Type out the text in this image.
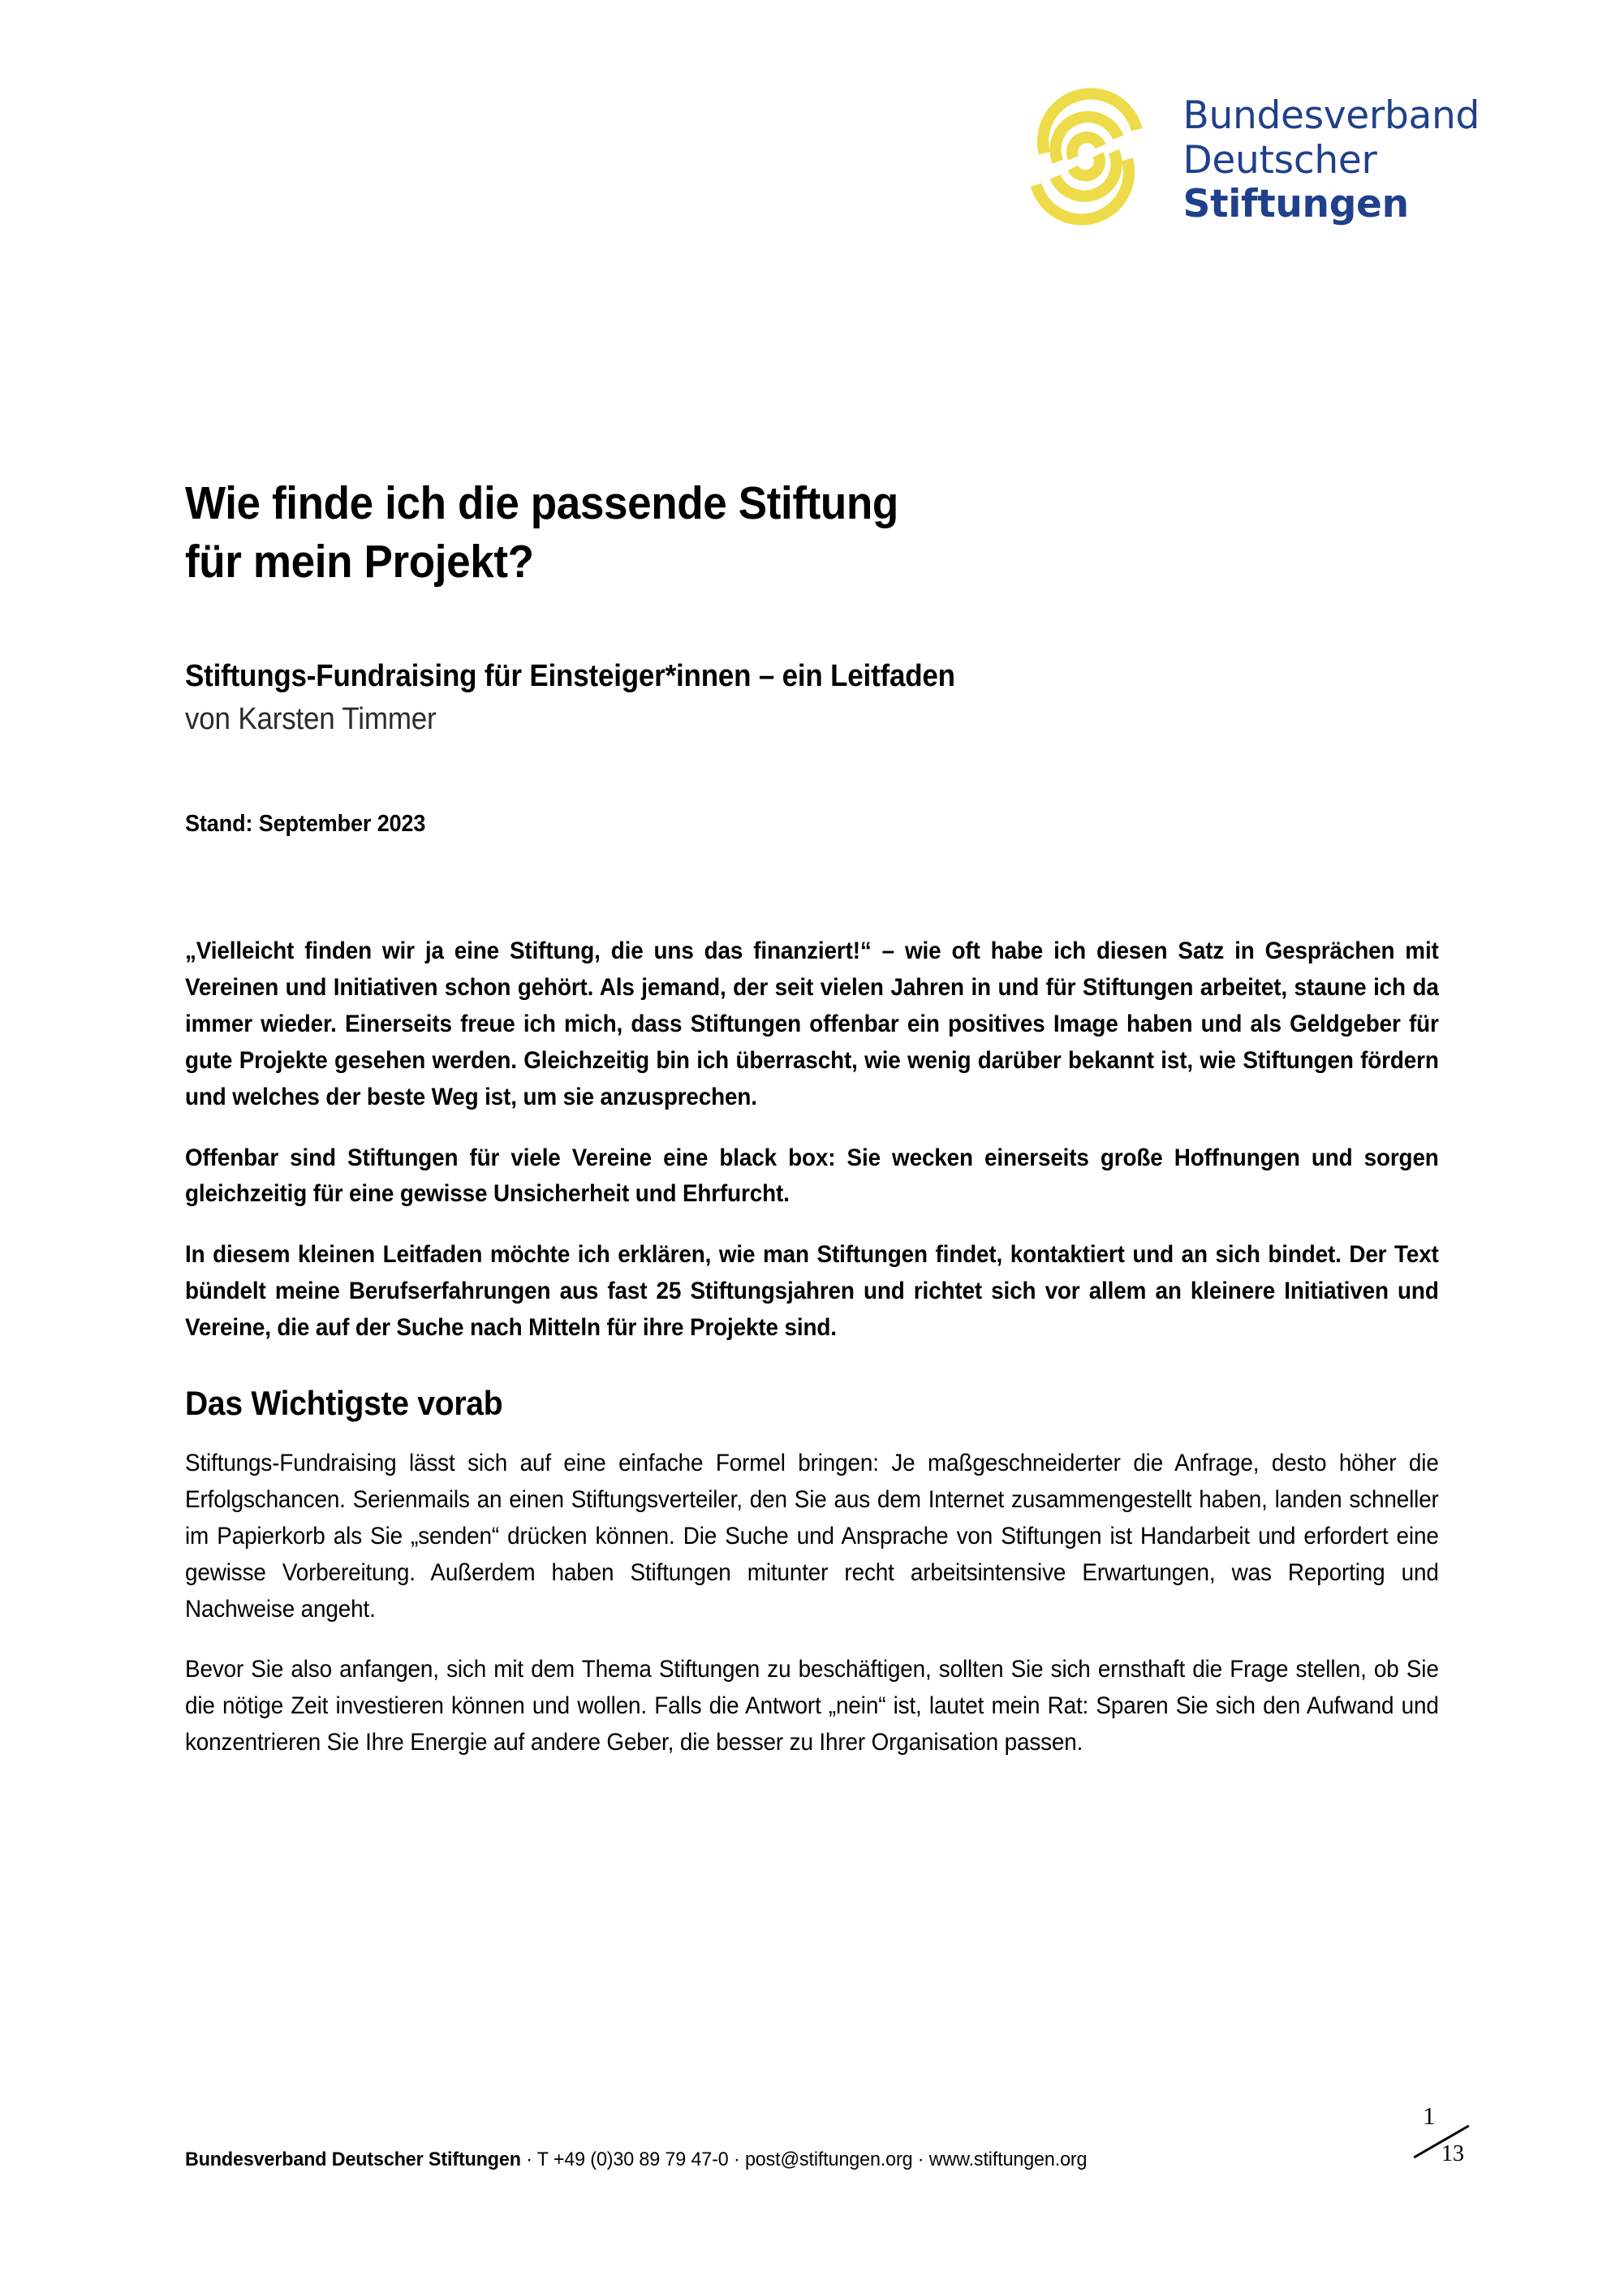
Bundesverband
Deutscher
Stiftungen
Wie finde ich die passende Stiftung
für mein Projekt?

Stiftungs-Fundraising für Einsteiger*innen – ein Leitfaden

von Karsten Timmer

Stand: September 2023

„Vielleicht finden wir ja eine Stiftung, die uns das finanziert!“ – wie oft habe ich diesen Satz in Gesprächen mit Vereinen und Initiativen schon gehört. Als jemand, der seit vielen Jahren in und für Stiftungen arbeitet, staune ich da immer wieder. Einerseits freue ich mich, dass Stiftungen offenbar ein positives Image haben und als Geldgeber für gute Projekte gesehen werden. Gleichzeitig bin ich überrascht, wie wenig darüber bekannt ist, wie Stiftungen fördern und welches der beste Weg ist, um sie anzusprechen.

Offenbar sind Stiftungen für viele Vereine eine black box: Sie wecken einerseits große Hoffnungen und sorgen gleichzeitig für eine gewisse Unsicherheit und Ehrfurcht.

In diesem kleinen Leitfaden möchte ich erklären, wie man Stiftungen findet, kontaktiert und an sich bindet. Der Text bündelt meine Berufserfahrungen aus fast 25 Stiftungsjahren und richtet sich vor allem an kleinere Initiativen und Vereine, die auf der Suche nach Mitteln für ihre Projekte sind.

Das Wichtigste vorab

Stiftungs-Fundraising lässt sich auf eine einfache Formel bringen: Je maßgeschneiderter die Anfrage, desto höher die Erfolgschancen. Serienmails an einen Stiftungsverteiler, den Sie aus dem Internet zusammengestellt haben, landen schneller im Papierkorb als Sie „senden“ drücken können. Die Suche und Ansprache von Stiftungen ist Handarbeit und erfordert eine gewisse Vorbereitung. Außerdem haben Stiftungen mitunter recht arbeitsintensive Erwartungen, was Reporting und Nachweise angeht.

Bevor Sie also anfangen, sich mit dem Thema Stiftungen zu beschäftigen, sollten Sie sich ernsthaft die Frage stellen, ob Sie die nötige Zeit investieren können und wollen. Falls die Antwort „nein“ ist, lautet mein Rat: Sparen Sie sich den Aufwand und konzentrieren Sie Ihre Energie auf andere Geber, die besser zu Ihrer Organisation passen.

Bundesverband Deutscher Stiftungen · T +49 (0)30 89 79 47-0 · post@stiftungen.org · www.stiftungen.org
1
13
